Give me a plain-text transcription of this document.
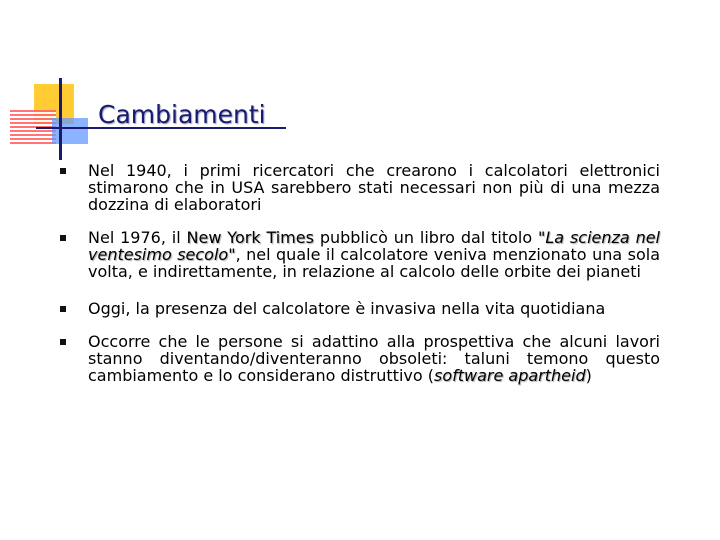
Cambiamenti
Nel 1940, i primi ricercatori che crearono i calcolatori elettronici stimarono che in USA sarebbero stati necessari non più di una mezza dozzina di elaboratori
Nel 1976, il New York Times pubblicò un libro dal titolo "La scienza nel ventesimo secolo", nel quale il calcolatore veniva menzionato una sola volta, e indirettamente, in relazione al calcolo delle orbite dei pianeti
Oggi, la presenza del calcolatore è invasiva nella vita quotidiana
Occorre che le persone si adattino alla prospettiva che alcuni lavori stanno diventando/diventeranno obsoleti: taluni temono questo cambiamento e lo considerano distruttivo (software apartheid)
